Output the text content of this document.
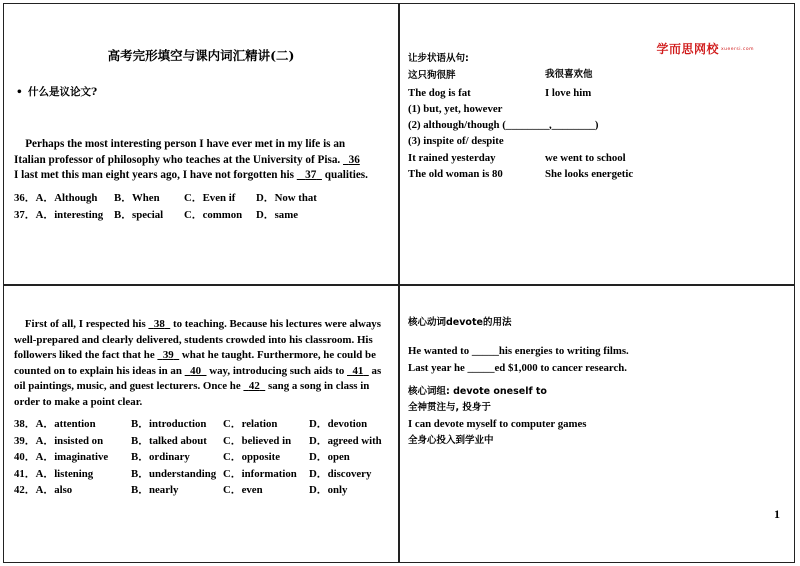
高考完形填空与课内词汇精讲(二)
• 什么是议论文?
Perhaps the most interesting person I have ever met in my life is an
Italian professor of philosophy who teaches at the University of Pisa. 36
I last met this man eight years ago, I have not forgotten his 37 qualities.
36．A．Although B．When C．Even if D．Now that
37．A．interesting B．special C．common D．same
学而思网校 xueersi.com
让步状语从句:
这只狗很胖	我很喜欢他
The dog is fat	I love him
(1) but, yet, however
(2) although/though (________,________)
(3) inspite of/ despite
It rained yesterday	we went to school
The old woman is 80	She looks energetic
First of all, I respected his 38 to teaching. Because his lectures were always
well-prepared and clearly delivered, students crowded into his classroom. His
followers liked the fact that he 39 what he taught. Furthermore, he could be
counted on to explain his ideas in an 40 way, introducing such aids to 41 as
oil paintings, music, and guest lecturers. Once he 42 sang a song in class in
order to make a point clear.
38．A．attention	B．introduction C．relation	D．devotion
39．A．insisted on	B．talked about C．believed in D．agreed with
40．A．imaginative B．ordinary	C．opposite	D．open
41．A．listening	B．understanding C．information D．discovery
42．A．also	B．nearly	C．even	D．only
核心动词devote的用法
He wanted to _____his energies to writing films.
Last year he _____ed $1,000 to cancer research.
核心词组: devote oneself to
全神贯注与, 投身于
I can devote myself to computer games
全身心投入到学业中
1
